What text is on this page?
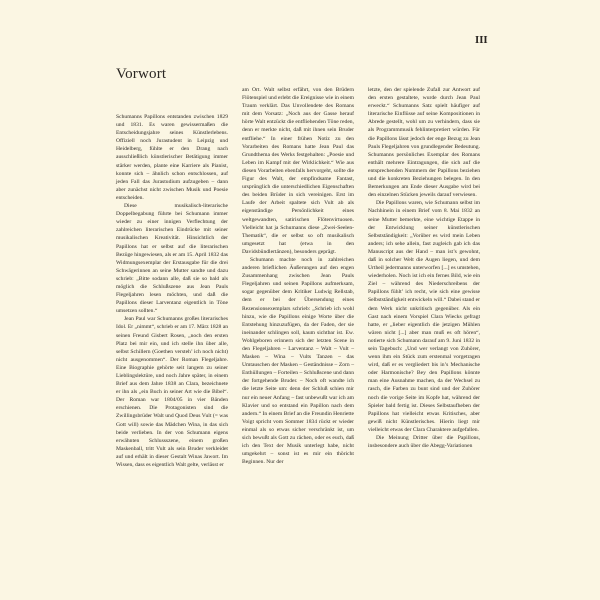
III
Vorwort

Schumanns Papillons entstanden zwischen 1829 und 1831. Es waren gewissermaßen die Entscheidungsjahre seines Künstlerlebens. Offiziell noch Jurastudent in Leipzig und Heidelberg, fühlte er den Drang nach ausschließlich künstlerischer Betätigung immer stärker werden, plante eine Karriere als Pianist, konnte sich – ähnlich schon entschlossen, auf jeden Fall das Jurastudium aufzugeben – dann aber zunächst nicht zwischen Musik und Poesie entscheiden.

Diese musikalisch-literarische Doppelbegabung führte bei Schumann immer wieder zu einer innigen Verflechtung der zahlreichen literarischen Eindrücke mit seiner musikalischen Kreativität. Hinsichtlich der Papillons hat er selbst auf die literarischen Bezüge hingewiesen, als er am 15. April 1832 das Widmungsexemplar der Erstausgabe für die drei Schwägerinnen an seine Mutter sandte und dazu schrieb: „Bitte sodann alle, daß sie so bald als möglich die Schlußszene aus Jean Pauls Flegeljahren lesen möchten, und daß die Papillons dieser Larventanz eigentlich in Töne umsetzen sollten.“

Jean Paul war Schumanns großes literarisches Idol. Er „nimmt“, schrieb er am 17. März 1828 an seinen Freund Gisbert Rosen, „noch den ersten Platz bei mir ein, und ich stelle ihn über alle, selbst Schillern (Goethen versteh’ ich noch nicht) nicht ausgenommen“. Der Roman Flegeljahre. Eine Biographie gehörte seit langem zu seiner Lieblingslektüre, und noch Jahre später, in einem Brief aus dem Jahre 1838 an Clara, bezeichnete er ihn als „ein Buch in seiner Art wie die Bibel“. Der Roman war 1804/05 in vier Bänden erschienen. Die Protagonisten sind die Zwillingsbrüder Walt und Quod Deus Vult (= was Gott will) sowie das Mädchen Wina, in das sich beide verlieben. In der von Schumann eigens erwähnten Schlussszene, einem großen Maskenball, tritt Vult als sein Bruder verkleidet auf und erhält in dieser Gestalt Winas Jawort. Im Wissen, dass es eigentlich Walt gelte, verlässt er

am Ort. Walt selbst erfährt, von den Brüdern Flötenspiel und erlebt die Ereignisse wie in einem Traum verklärt. Das Unvollendete des Romans mit dem Vorsatz: „Noch aus der Gasse herauf hörte Walt entzückt die entfliehenden Töne reden, denn er merkte nicht, daß mit ihnen sein Bruder entfliehe.“ In einer frühen Notiz zu den Vorarbeiten des Romans hatte Jean Paul das Grundthema des Werks festgehalten: „Poesie und Leben im Kampf mit der Wirklichkeit.“ Wie aus diesen Vorarbeiten ebenfalls hervorgeht, sollte die Figur des Walt, der empfindsame Fantast, ursprünglich die unterschiedlichen Eigenschaften des beiden Brüder in sich vereinigen. Erst im Laufe der Arbeit spaltete sich Vult ab als eigenständige Persönlichkeit eines weltgewandten, satirischen Flötenvirtuosen. Vielleicht hat ja Schumanns diese „Zwei-Seelen-Thematik“, die er selbst so oft musikalisch umgesetzt hat (etwa in den Davidsbündlertänzen), besonders geprägt.

Schumann machte noch in zahlreichen anderen brieflichen Äußerungen auf den engen Zusammenhang zwischen Jean Pauls Flegeljahren und seinen Papillons aufmerksam, sogar gegenüber dem Kritiker Ludwig Rellstab, dem er bei der Übersendung eines Rezensionsexemplars schrieb: „Schrieb ich wohl hinzu, wie die Papillons einige Worte über die Entstehung hinzuzufügen, da der Faden, der sie ineinander schlingen soll, kaum sichtbar ist. Ew. Wohlgeboren erinnern sich der letzten Scene in den Flegeljahren – Larventanz – Walt – Vult – Masken – Wina – Vults Tanzen – das Umtauschen der Masken – Geständnisse – Zorn – Enthüllungen – Forteilen – Schlußscene und dann der fortgehende Bruder. – Noch oft wandte ich die letzte Seite um: denn der Schluß schien mir nur ein neuer Anfang – fast unbewußt war ich am Klavier und so entstand ein Papillon nach dem andern.“ In einem Brief an die Freundin Henriette Voigt spricht vom Sommer 1834 rückt er wieder einmal als so etwas sicher verschränkt ist, um sich bewußt als Gott zu rächen, oder es euch, daß ich den Text der Musik unterlegt habe, nicht umgekehrt – sonst ist es mir ein thöricht Beginnen. Nur der

letzte, den der spielende Zufall zur Antwort auf den ersten gestaltete, wurde durch Jean Paul erweckt.“ Schumanns Satz spielt häufiger auf literarische Einflüsse auf seine Kompositionen in Abrede gestellt, wohl um zu verhindern, dass sie als Programmmusik fehlinterpretiert würden. Für die Papillons lässt jedoch der enge Bezug zu Jean Pauls Flegeljahren von grundlegender Bedeutung. Schumanns persönliches Exemplar des Romans enthält mehrere Eintragungen, die sich auf die entsprechenden Nummern der Papillons beziehen und die konkreten Beziehungen belegen. In den Bemerkungen am Ende dieser Ausgabe wird bei den einzelnen Stücken jeweils darauf verwiesen.

Die Papillons waren, wie Schumann selbst im Nachhinein in einem Brief vom 8. Mai 1832 an seine Mutter bemerkte, eine wichtige Etappe in der Entwicklung seiner künstlerischen Selbstständigkeit: „Vorüber es wird mein Leben anders; ich sehe allein, fast zugleich gab ich das Manuscript aus der Hand – man ist’s gewohnt, daß in solcher Welt die Augen liegen, und dem Urtheil jedermanns unterworfen [...] es umstehen, wiederholen. Noch ist ich ein fernes Bild, wie ein Ziel – während des Niederschreibens der Papillons fühlt’ ich recht, wie sich eine gewisse Selbstständigkeit entwickeln will.“ Dabei stand er dem Werk nicht unkritisch gegenüber. Als ein Gast nach einem Vorspiel Clara Wiecks gefragt hatte, er „lieber eigentlich die jetzigen Mühlen wären nicht [...] aber man muß es oft hören“, notierte sich Schumann darauf am 9. Juni 1832 in sein Tagebuch: „Und wer verlangt von Zuhörer, wenn ihm ein Stück zum erstenmal vorgetragen wird, daß er es vergliedert bis in’s Mechanische oder Harmonische? Bey den Papillons könnte man eine Ausnahme machen, da der Wechsel zu rasch, die Farben zu bunt sind und der Zuhörer noch die vorige Seite im Kopfe hat, während der Spieler bald fertig ist. Dieses Selbstaufheben der Papillons hat vielleicht etwas Kritisches, aber gewiß nicht Künstlerisches. Hierin liegt mir vielleicht etwas der Clara Charaktere aufgefallen.

Die Meinung Dritter über die Papillons, insbesondere auch über die Abegg-Variationen
